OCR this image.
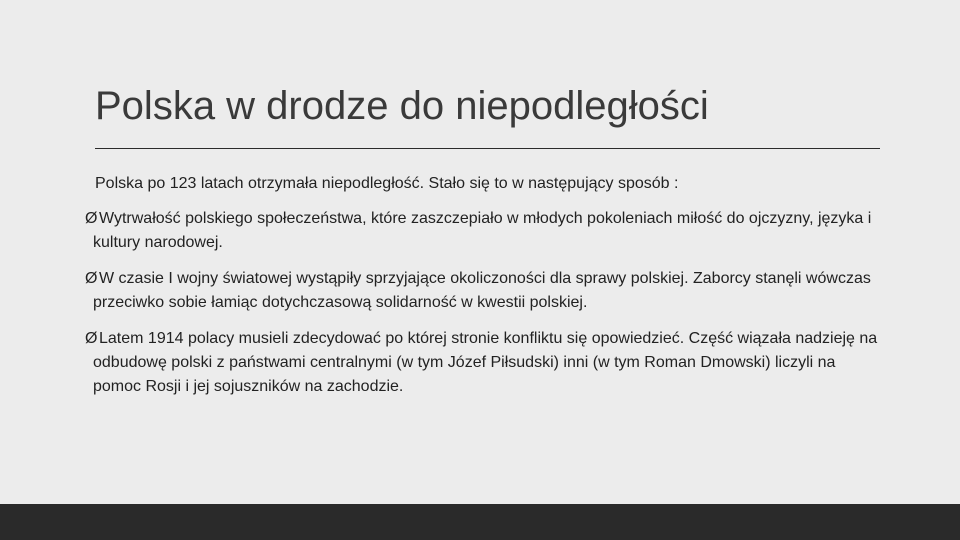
Polska w drodze do niepodległości
Polska po 123 latach otrzymała niepodległość. Stało się to w następujący sposób :
ØWytrwałość polskiego społeczeństwa, które zaszczepiało w młodych pokoleniach miłość do ojczyzny, języka i kultury narodowej.
ØW czasie I wojny światowej wystąpiły sprzyjające okoliczoności dla sprawy polskiej. Zaborcy stanęli wówczas przeciwko sobie łamiąc dotychczasową solidarność w kwestii polskiej.
ØLatem 1914 polacy musieli zdecydować po której stronie konfliktu się opowiedzieć. Część wiązała nadzieję na odbudowę polski z państwami centralnymi (w tym Józef Piłsudski) inni (w tym Roman Dmowski) liczyli na pomoc Rosji i jej sojuszników na zachodzie.
